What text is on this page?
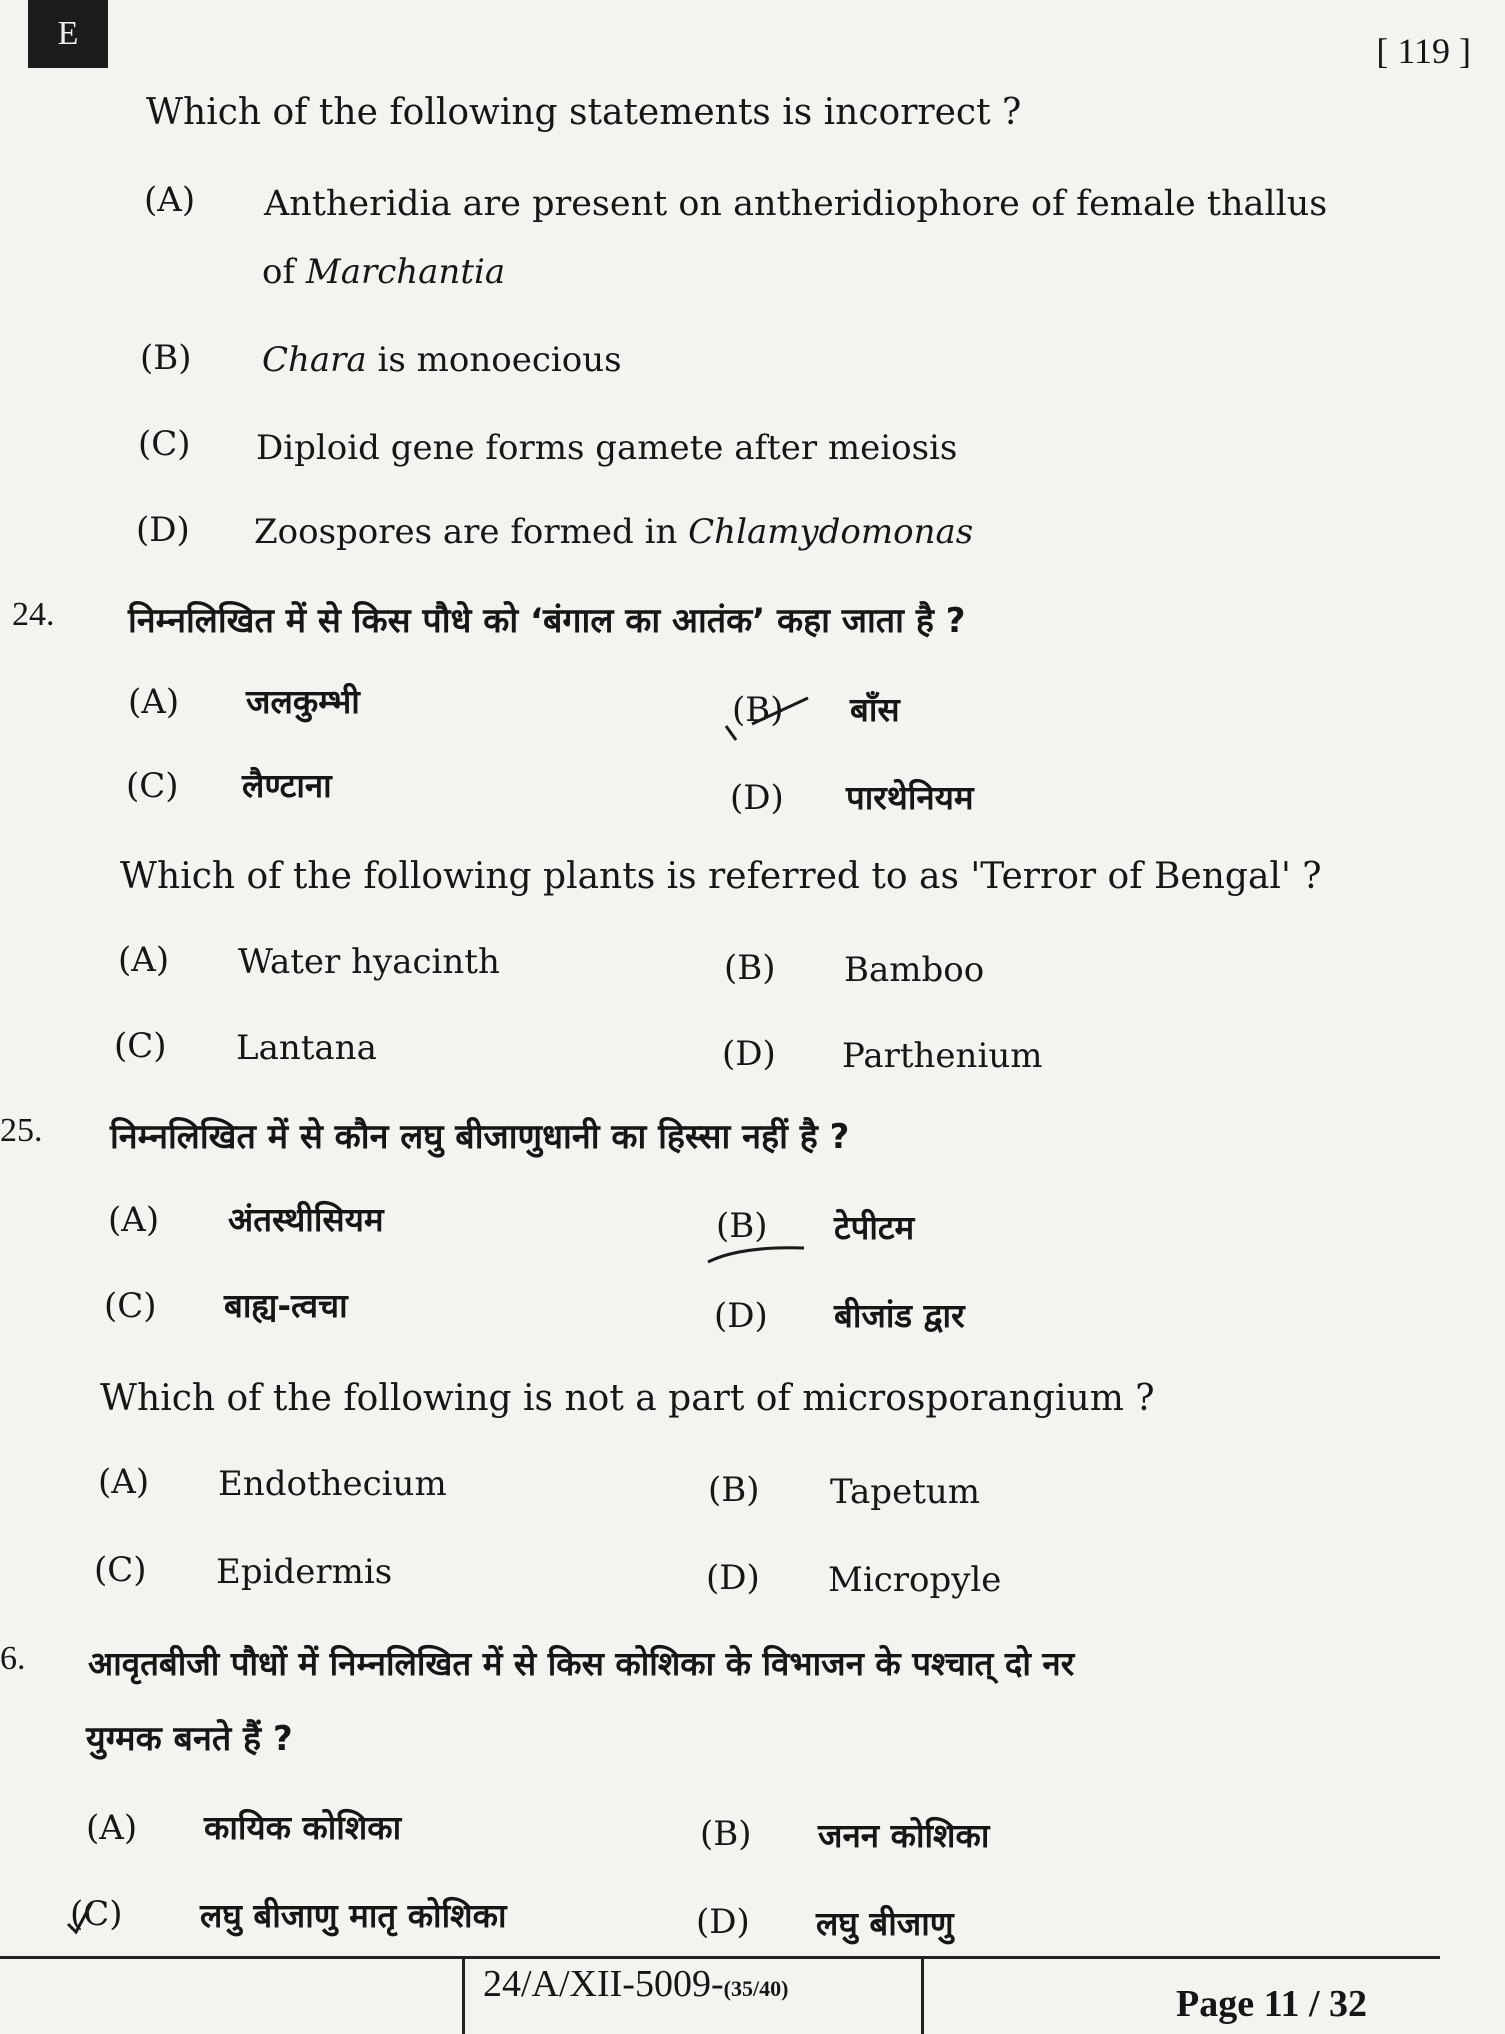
E	[ 119 ]
Which of the following statements is incorrect ?
(A) Antheridia are present on antheridiophore of female thallus
of Marchantia
(B) Chara is monoecious
(C) Diploid gene forms gamete after meiosis
(D) Zoospores are formed in Chlamydomonas
24. निम्नलिखित में से किस पौधे को ‘बंगाल का आतंक’ कहा जाता है ?
(A) जलकुम्भी	(B) बाँस
(C) लैण्टाना	(D) पारथेनियम
Which of the following plants is referred to as 'Terror of Bengal' ?
(A) Water hyacinth	(B) Bamboo
(C) Lantana	(D) Parthenium
25. निम्नलिखित में से कौन लघु बीजाणुधानी का हिस्सा नहीं है ?
(A) अंतस्थीसियम	(B) टेपीटम
(C) बाह्य-त्वचा	(D) बीजांड द्वार
Which of the following is not a part of microsporangium ?
(A) Endothecium	(B) Tapetum
(C) Epidermis	(D) Micropyle
6. आवृतबीजी पौधों में निम्नलिखित में से किस कोशिका के विभाजन के पश्चात् दो नर
युग्मक बनते हैं ?
(A) कायिक कोशिका	(B) जनन कोशिका
(C) लघु बीजाणु मातृ कोशिका	(D) लघु बीजाणु
24/A/XII-5009-(35/40)	Page 11 / 32
